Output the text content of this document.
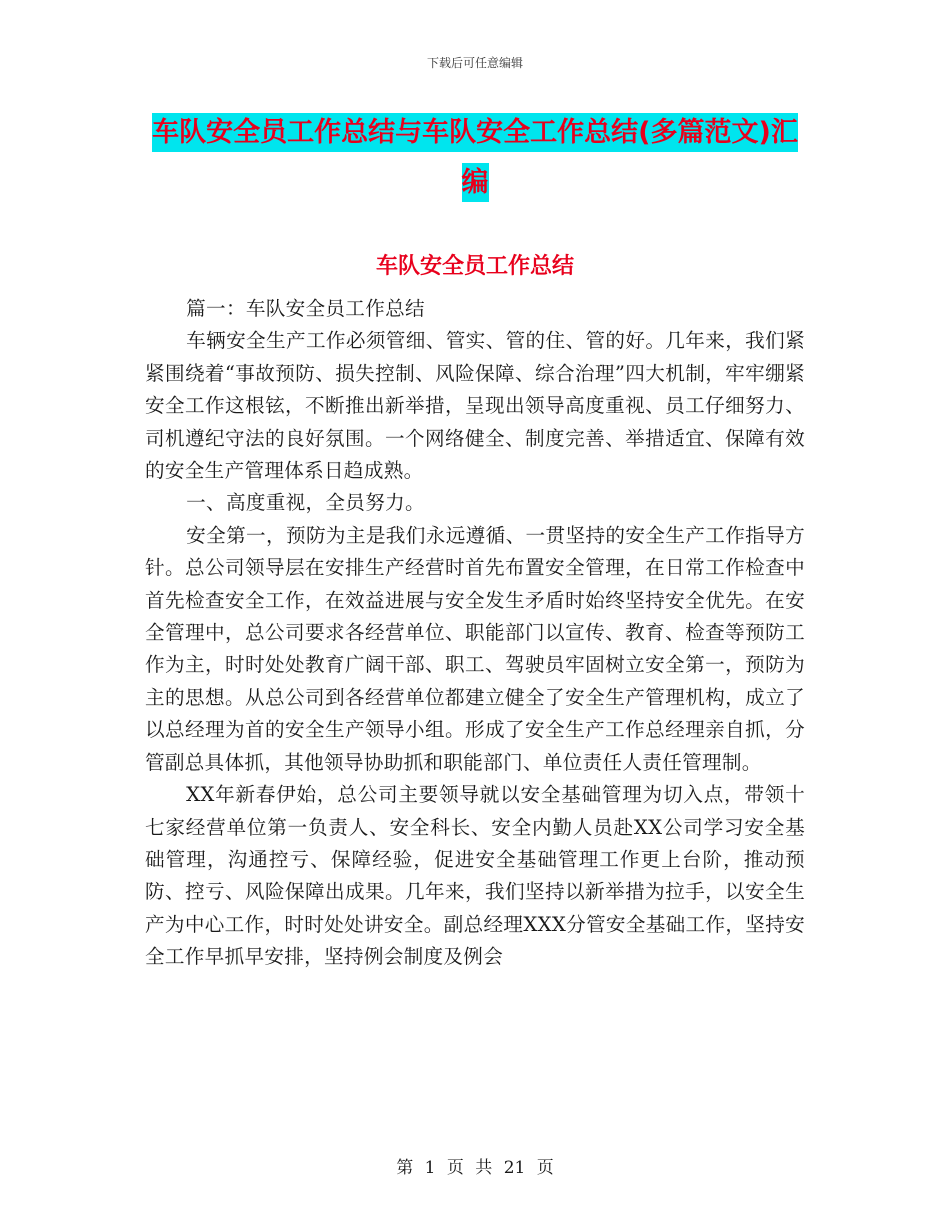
下载后可任意编辑
车队安全员工作总结与车队安全工作总结(多篇范文)汇编
车队安全员工作总结

篇一：车队安全员工作总结

车辆安全生产工作必须管细、管实、管的住、管的好。几年来，我们紧紧围绕着“事故预防、损失控制、风险保障、综合治理”四大机制，牢牢绷紧安全工作这根铉，不断推出新举措，呈现出领导高度重视、员工仔细努力、司机遵纪守法的良好氛围。一个网络健全、制度完善、举措适宜、保障有效的安全生产管理体系日趋成熟。

一、高度重视，全员努力。

安全第一，预防为主是我们永远遵循、一贯坚持的安全生产工作指导方针。总公司领导层在安排生产经营时首先布置安全管理，在日常工作检查中首先检查安全工作，在效益进展与安全发生矛盾时始终坚持安全优先。在安全管理中，总公司要求各经营单位、职能部门以宣传、教育、检查等预防工作为主，时时处处教育广阔干部、职工、驾驶员牢固树立安全第一，预防为主的思想。从总公司到各经营单位都建立健全了安全生产管理机构，成立了以总经理为首的安全生产领导小组。形成了安全生产工作总经理亲自抓，分管副总具体抓，其他领导协助抓和职能部门、单位责任人责任管理制。

XX年新春伊始，总公司主要领导就以安全基础管理为切入点，带领十七家经营单位第一负责人、安全科长、安全内勤人员赴XX公司学习安全基础管理，沟通控亏、保障经验，促进安全基础管理工作更上台阶，推动预防、控亏、风险保障出成果。几年来，我们坚持以新举措为拉手，以安全生产为中心工作，时时处处讲安全。副总经理XXX分管安全基础工作，坚持安全工作早抓早安排，坚持例会制度及例会

第 1 页 共 21 页
